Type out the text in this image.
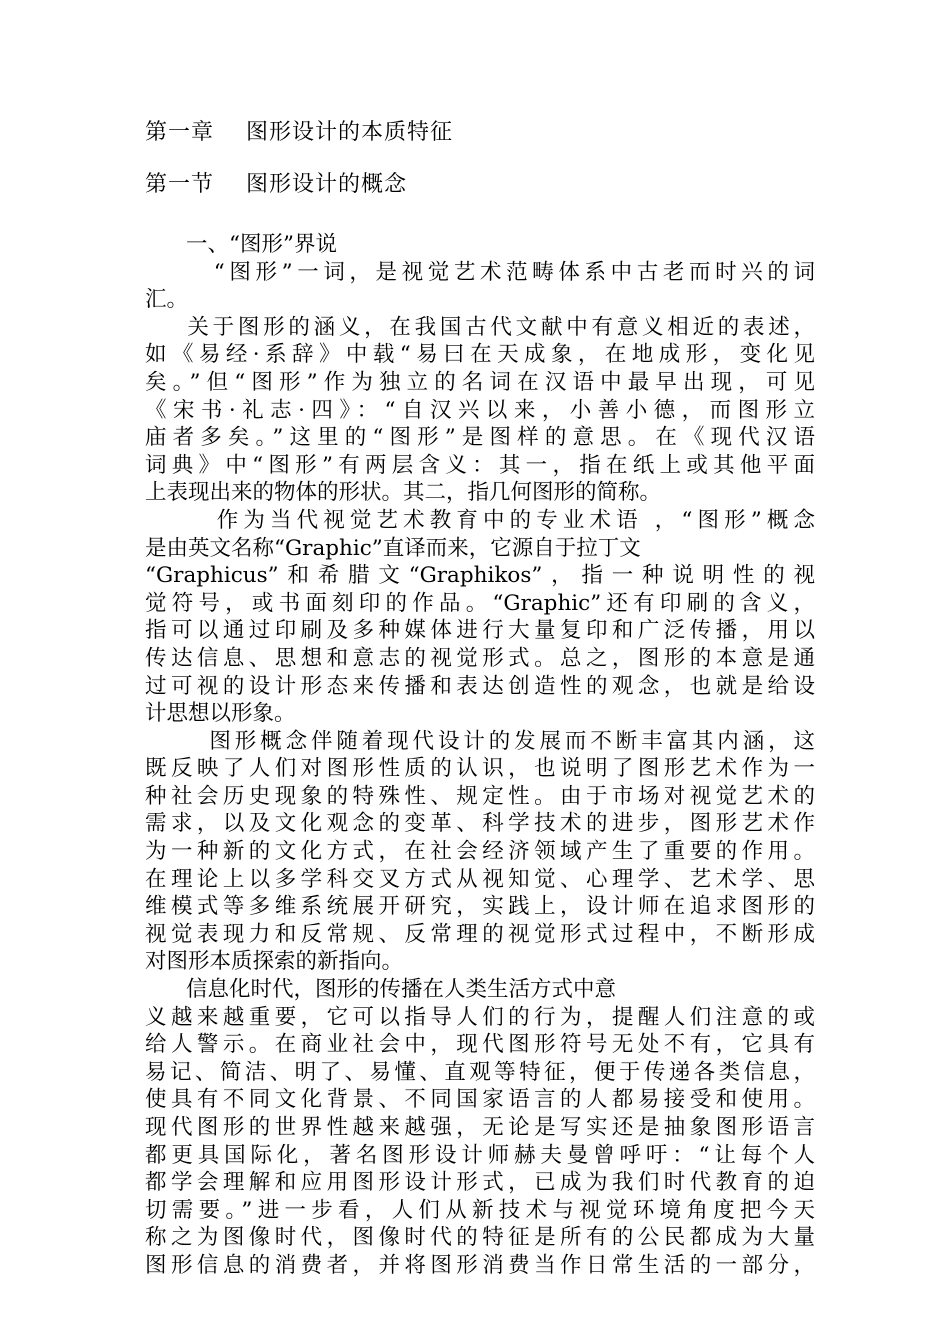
第一章    图形设计的本质特征
第一节    图形设计的概念
一、“图形”界说
“图形”一词，是视觉艺术范畴体系中古老而时兴的词
汇。
关于图形的涵义，在我国古代文献中有意义相近的表述，
如《易经·系辞》中载“易曰在天成象，在地成形，变化见
矣。”但“图形”作为独立的名词在汉语中最早出现，可见
《宋书·礼志·四》：“自汉兴以来，小善小德，而图形立
庙者多矣。”这里的“图形”是图样的意思。在《现代汉语
词典》中“图形”有两层含义：其一，指在纸上或其他平面
上表现出来的物体的形状。其二，指几何图形的简称。
作为当代视觉艺术教育中的专业术语 ，“图形”概念
是由英文名称“Graphic”直译而来，它源自于拉丁文
“Graphicus”和希腊文“Graphikos”，指一种说明性的视
觉符号，或书面刻印的作品。“Graphic”还有印刷的含义，
指可以通过印刷及多种媒体进行大量复印和广泛传播，用以
传达信息、思想和意志的视觉形式。总之，图形的本意是通
过可视的设计形态来传播和表达创造性的观念，也就是给设
计思想以形象。
图形概念伴随着现代设计的发展而不断丰富其内涵，这
既反映了人们对图形性质的认识，也说明了图形艺术作为一
种社会历史现象的特殊性、规定性。由于市场对视觉艺术的
需求，以及文化观念的变革、科学技术的进步，图形艺术作
为一种新的文化方式，在社会经济领域产生了重要的作用。
在理论上以多学科交叉方式从视知觉、心理学、艺术学、思
维模式等多维系统展开研究，实践上，设计师在追求图形的
视觉表现力和反常规、反常理的视觉形式过程中，不断形成
对图形本质探索的新指向。
信息化时代，图形的传播在人类生活方式中意
义越来越重要，它可以指导人们的行为，提醒人们注意的或
给人警示。在商业社会中，现代图形符号无处不有，它具有
易记、简洁、明了、易懂、直观等特征，便于传递各类信息，
使具有不同文化背景、不同国家语言的人都易接受和使用。
现代图形的世界性越来越强，无论是写实还是抽象图形语言
都更具国际化，著名图形设计师赫夫曼曾呼吁：“让每个人
都学会理解和应用图形设计形式，已成为我们时代教育的迫
切需要。”进一步看，人们从新技术与视觉环境角度把今天
称之为图像时代，图像时代的特征是所有的公民都成为大量
图形信息的消费者，并将图形消费当作日常生活的一部分，
